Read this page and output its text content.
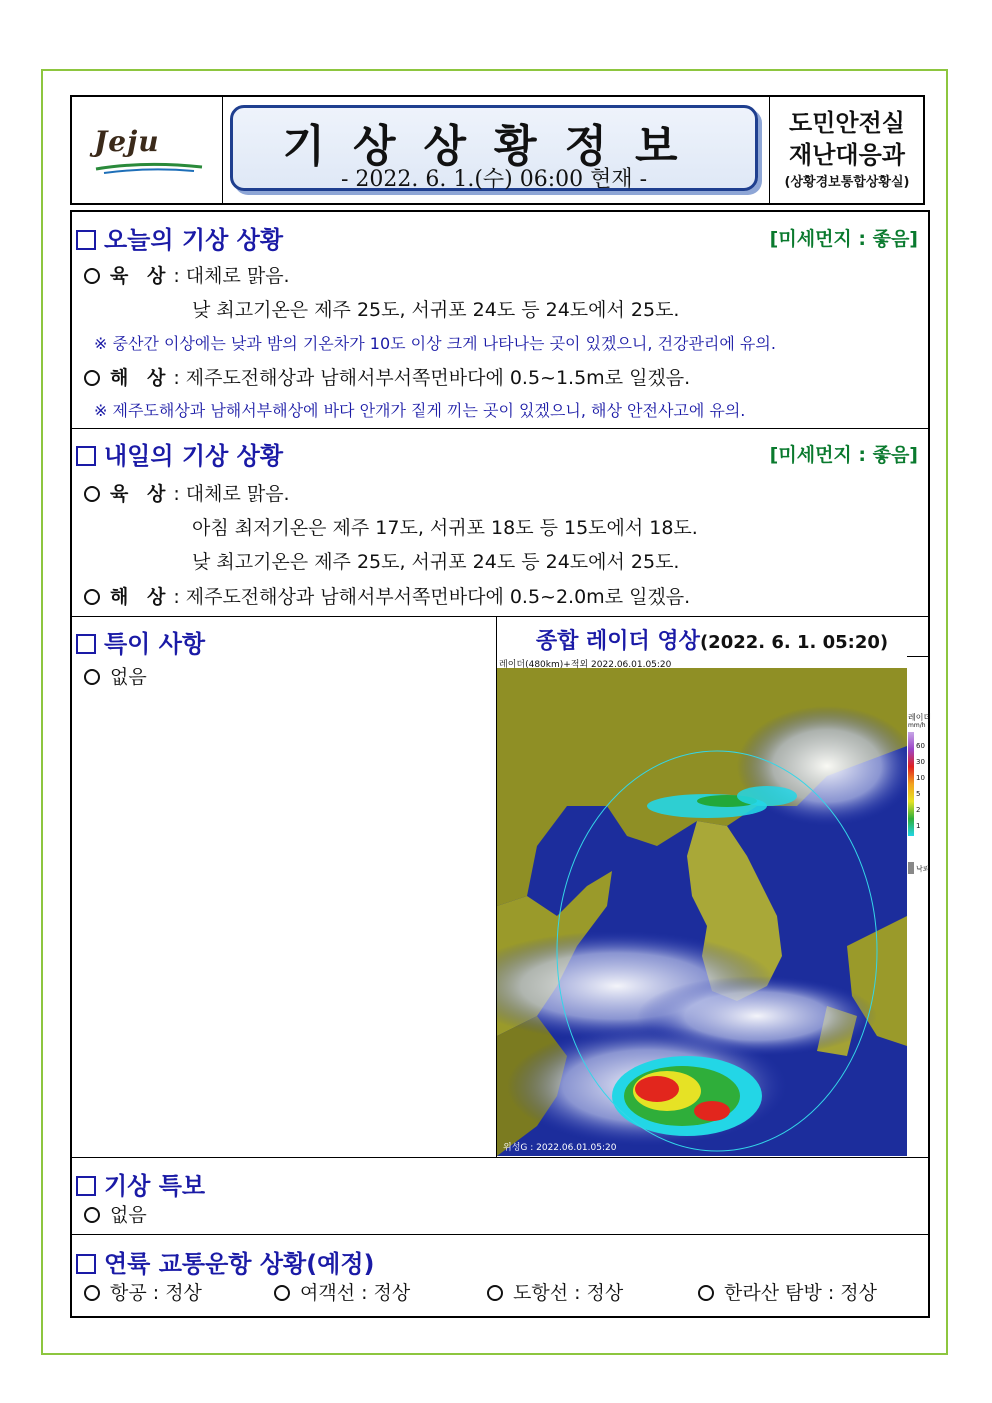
Jeju	기상상황정보
- 2022. 6. 1.(수) 06:00 현재 -
도민안전실
재난대응과
(상황경보통합상황실)
오늘의 기상 상황	[미세먼지 : 좋음]
육 상 : 대체로 맑음.
낮 최고기온은 제주 25도, 서귀포 24도 등 24도에서 25도.
※ 중산간 이상에는 낮과 밤의 기온차가 10도 이상 크게 나타나는 곳이 있겠으니, 건강관리에 유의.
해 상 : 제주도전해상과 남해서부서쪽먼바다에 0.5~1.5m로 일겠음.
※ 제주도해상과 남해서부해상에 바다 안개가 짙게 끼는 곳이 있겠으니, 해상 안전사고에 유의.
내일의 기상 상황	[미세먼지 : 좋음]
육 상 : 대체로 맑음.
아침 최저기온은 제주 17도, 서귀포 18도 등 15도에서 18도.
낮 최고기온은 제주 25도, 서귀포 24도 등 24도에서 25도.
해 상 : 제주도전해상과 남해서부서쪽먼바다에 0.5~2.0m로 일겠음.
특이 사항
없음
종합 레이더 영상(2022. 6. 1. 05:20)
레이더(480km)+적외 2022.06.01.05:20
위성G : 2022.06.01.05:20
레이더
mm/h
60
30
10
5
2
1
낙뢰
기상 특보
없음
연륙 교통운항 상황(예정)
항공 : 정상	여객선 : 정상	도항선 : 정상	한라산 탐방 : 정상
